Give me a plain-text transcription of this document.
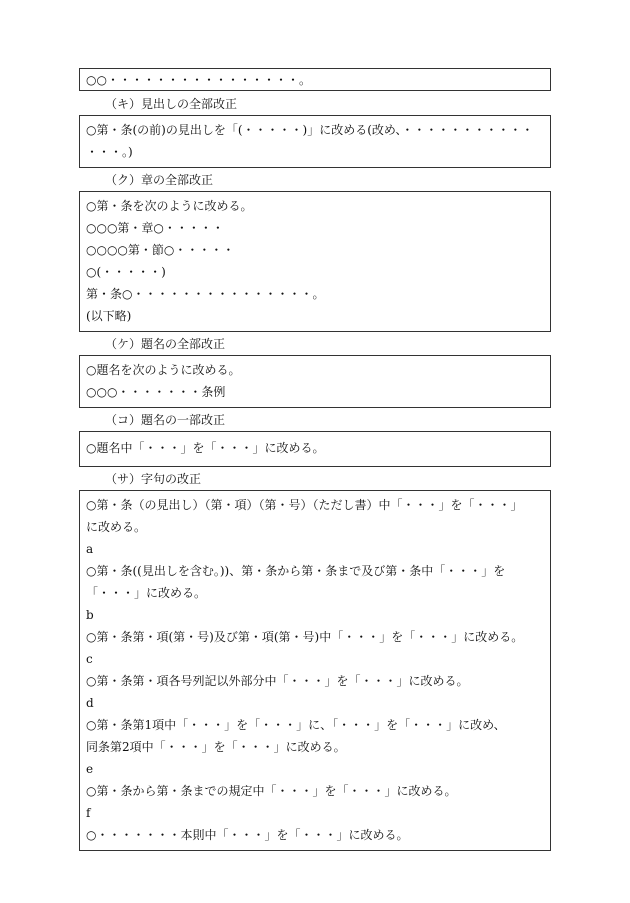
○○・・・・・・・・・・・・・・・・。
（キ）見出しの全部改正
○第・条(の前)の見出しを「(・・・・・)」に改める(改め、・・・・・・・・・・・
・・・。)
（ク）章の全部改正
○第・条を次のように改める。
○○○第・章○・・・・・
○○○○第・節○・・・・・
○(・・・・・)
第・条○・・・・・・・・・・・・・・・。
(以下略)
（ケ）題名の全部改正
○題名を次のように改める。
○○○・・・・・・・条例
（コ）題名の一部改正
○題名中「・・・」を「・・・」に改める。
（サ）字句の改正
○第・条（の見出し）（第・項）（第・号）（ただし書）中「・・・」を「・・・」
に改める。
a
○第・条((見出しを含む。))、第・条から第・条まで及び第・条中「・・・」を
「・・・」に改める。
b
○第・条第・項(第・号)及び第・項(第・号)中「・・・」を「・・・」に改める。
c
○第・条第・項各号列記以外部分中「・・・」を「・・・」に改める。
d
○第・条第1項中「・・・」を「・・・」に、「・・・」を「・・・」に改め、
同条第2項中「・・・」を「・・・」に改める。
e
○第・条から第・条までの規定中「・・・」を「・・・」に改める。
f
○・・・・・・・本則中「・・・」を「・・・」に改める。
